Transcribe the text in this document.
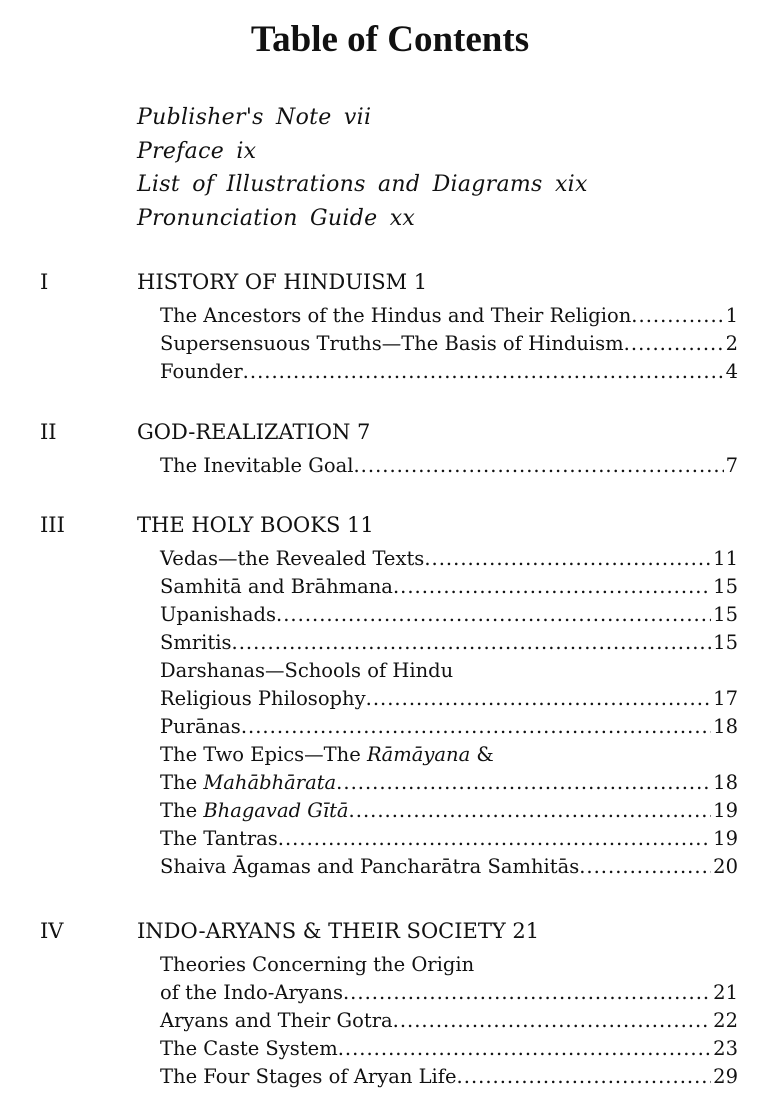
Table of Contents
Publisher's Note vii
Preface ix
List of Illustrations and Diagrams xix
Pronunciation Guide xx
I	HISTORY OF HINDUISM 1
The Ancestors of the Hindus and Their Religion .....	1
Supersensuous Truths—The Basis of Hinduism .....	2
Founder .....	4
II	GOD-REALIZATION 7
The Inevitable Goal .....	7
III	THE HOLY BOOKS 11
Vedas—the Revealed Texts .....	11
Samhitā and Brāhmana .....	15
Upanishads .....	15
Smritis .....	15
Darshanas—Schools of Hindu
Religious Philosophy .....	17
Purānas .....	18
The Two Epics—The Rāmāyana &
The Mahābhārata .....	18
The Bhagavad Gītā .....	19
The Tantras .....	19
Shaiva Āgamas and Pancharātra Samhitās .....	20
IV	INDO-ARYANS & THEIR SOCIETY 21
Theories Concerning the Origin
of the Indo-Aryans .....	21
Aryans and Their Gotra .....	22
The Caste System .....	23
The Four Stages of Aryan Life .....	29
